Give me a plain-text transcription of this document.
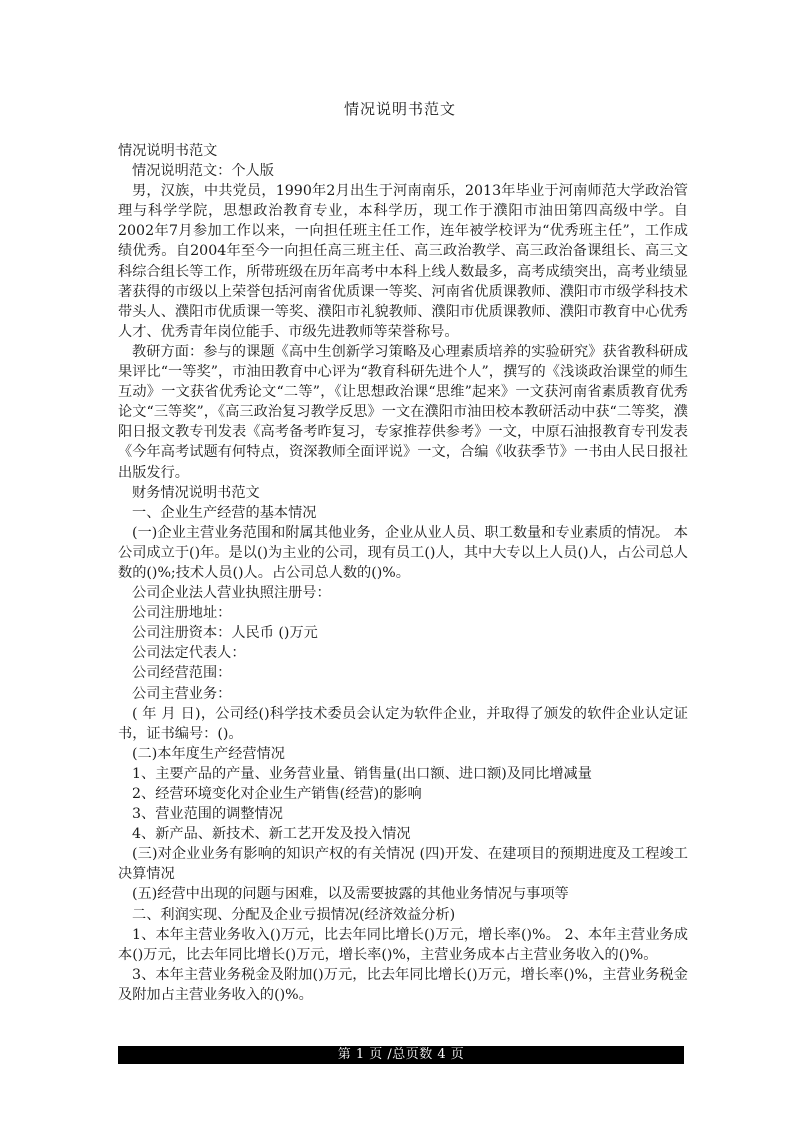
情况说明书范文

情况说明书范文

情况说明范文：个人版

男，汉族，中共党员，1990年2月出生于河南南乐，2013年毕业于河南师范大学政治管理与科学学院，思想政治教育专业，本科学历，现工作于濮阳市油田第四高级中学。自2002年7月参加工作以来，一向担任班主任工作，连年被学校评为“优秀班主任”，工作成绩优秀。自2004年至今一向担任高三班主任、高三政治教学、高三政治备课组长、高三文科综合组长等工作，所带班级在历年高考中本科上线人数最多，高考成绩突出，高考业绩显著获得的市级以上荣誉包括河南省优质课一等奖、河南省优质课教师、濮阳市市级学科技术带头人、濮阳市优质课一等奖、濮阳市礼貌教师、濮阳市优质课教师、濮阳市教育中心优秀人才、优秀青年岗位能手、市级先进教师等荣誉称号。

教研方面：参与的课题《高中生创新学习策略及心理素质培养的实验研究》获省教科研成果评比“一等奖”，市油田教育中心评为“教育科研先进个人”，撰写的《浅谈政治课堂的师生互动》一文获省优秀论文“二等”，《让思想政治课“思维”起来》一文获河南省素质教育优秀论文“三等奖”，《高三政治复习教学反思》一文在濮阳市油田校本教研活动中获“二等奖，濮阳日报文教专刊发表《高考备考昨复习，专家推荐供参考》一文，中原石油报教育专刊发表《今年高考试题有何特点，资深教师全面评说》一文，合编《收获季节》一书由人民日报社出版发行。

财务情况说明书范文

一、企业生产经营的基本情况

(一)企业主营业务范围和附属其他业务，企业从业人员、职工数量和专业素质的情况。 本公司成立于()年。是以()为主业的公司，现有员工()人，其中大专以上人员()人，占公司总人数的()%;技术人员()人。占公司总人数的()%。

公司企业法人营业执照注册号：

公司注册地址：

公司注册资本：人民币 ()万元

公司法定代表人：

公司经营范围：

公司主营业务：

( 年 月 日)，公司经()科学技术委员会认定为软件企业，并取得了颁发的软件企业认定证书，证书编号：()。

(二)本年度生产经营情况

1、主要产品的产量、业务营业量、销售量(出口额、进口额)及同比增减量

2、经营环境变化对企业生产销售(经营)的影响

3、营业范围的调整情况

4、新产品、新技术、新工艺开发及投入情况

(三)对企业业务有影响的知识产权的有关情况 (四)开发、在建项目的预期进度及工程竣工决算情况

(五)经营中出现的问题与困难，以及需要披露的其他业务情况与事项等

二、利润实现、分配及企业亏损情况(经济效益分析)

1、本年主营业务收入()万元，比去年同比增长()万元，增长率()%。 2、本年主营业务成本()万元，比去年同比增长()万元，增长率()%，主营业务成本占主营业务收入的()%。

3、本年主营业务税金及附加()万元，比去年同比增长()万元，增长率()%，主营业务税金及附加占主营业务收入的()%。

第 1 页 /总页数 4 页
